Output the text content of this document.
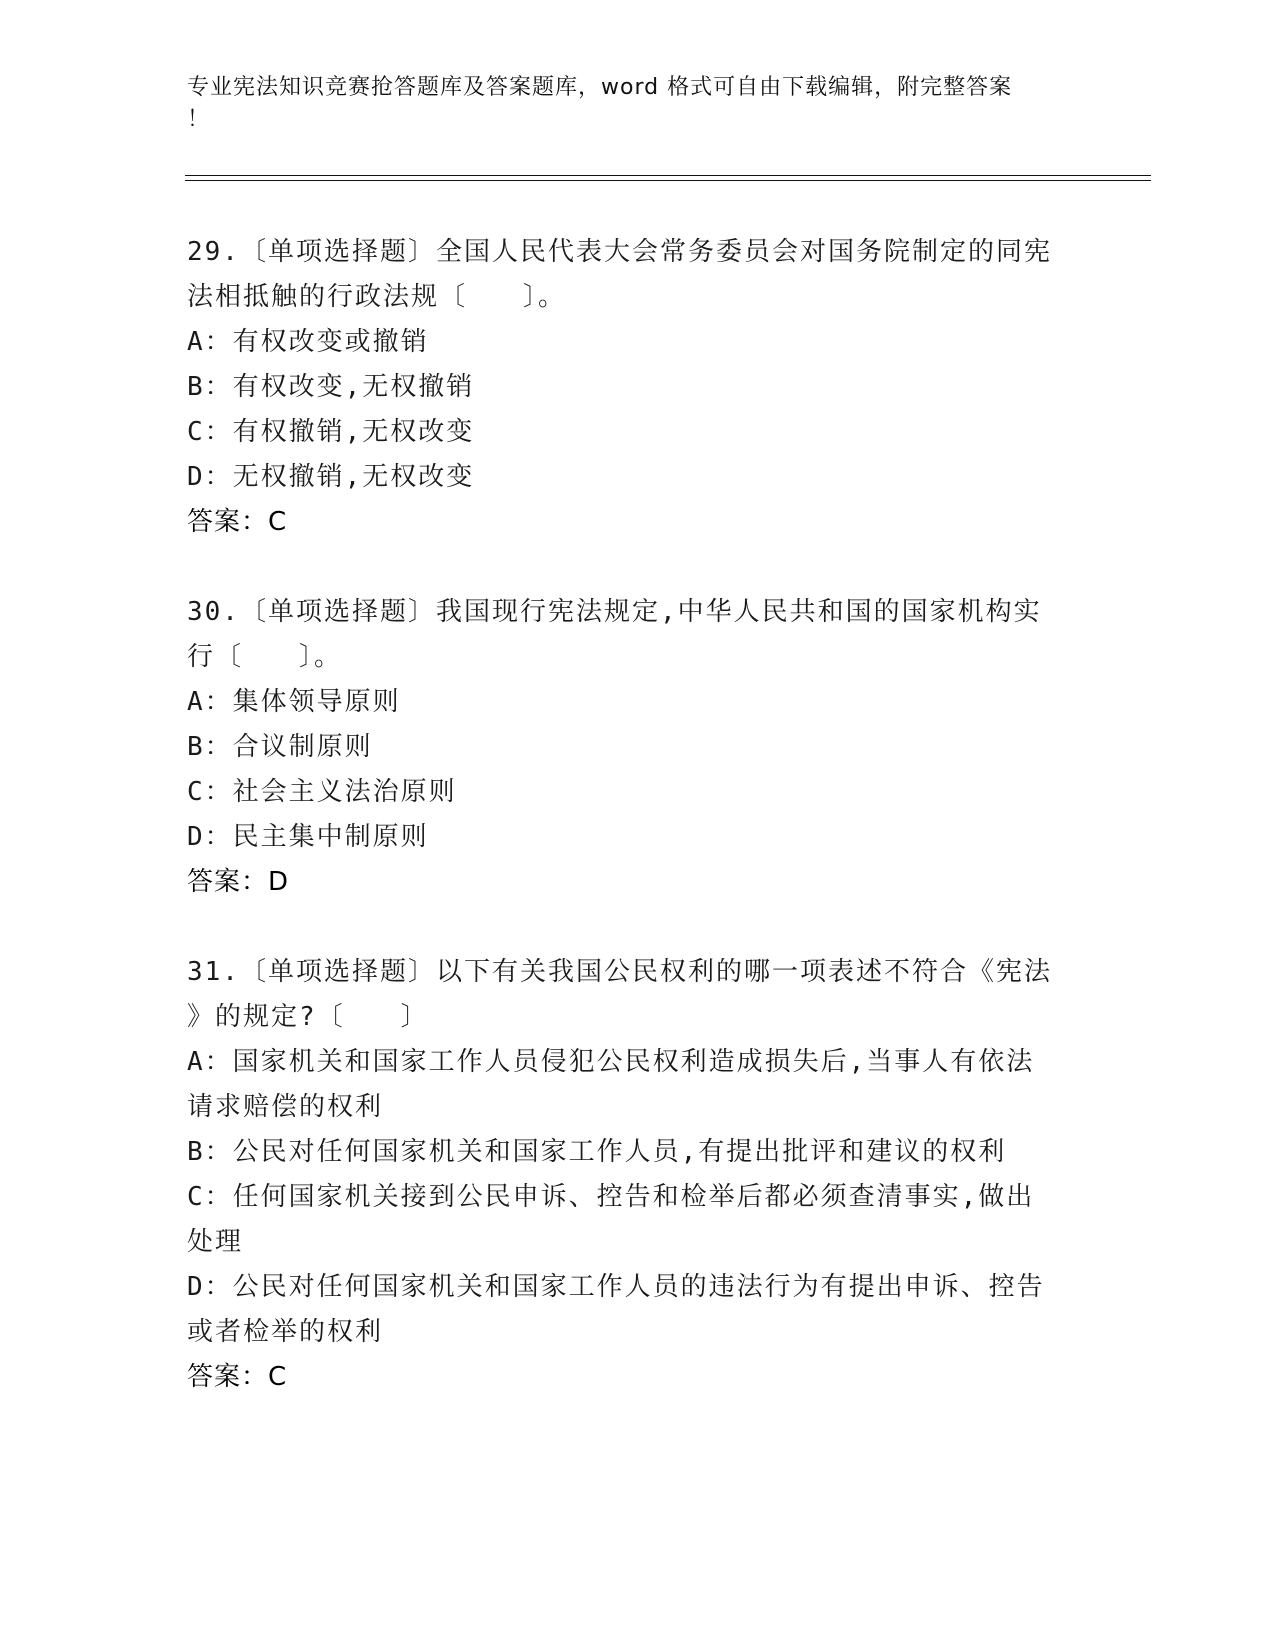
专业宪法知识竞赛抢答题库及答案题库，word 格式可自由下载编辑，附完整答案
！
29.〔单项选择题〕全国人民代表大会常务委员会对国务院制定的同宪
法相抵触的行政法规〔　　〕。
A：有权改变或撤销
B：有权改变,无权撤销
C：有权撤销,无权改变
D：无权撤销,无权改变
答案：C
30.〔单项选择题〕我国现行宪法规定,中华人民共和国的国家机构实
行〔　　〕。
A：集体领导原则
B：合议制原则
C：社会主义法治原则
D：民主集中制原则
答案：D
31.〔单项选择题〕以下有关我国公民权利的哪一项表述不符合《宪法
》的规定?〔　　〕
A：国家机关和国家工作人员侵犯公民权利造成损失后,当事人有依法
请求赔偿的权利
B：公民对任何国家机关和国家工作人员,有提出批评和建议的权利
C：任何国家机关接到公民申诉、控告和检举后都必须查清事实,做出
处理
D：公民对任何国家机关和国家工作人员的违法行为有提出申诉、控告
或者检举的权利
答案：C
